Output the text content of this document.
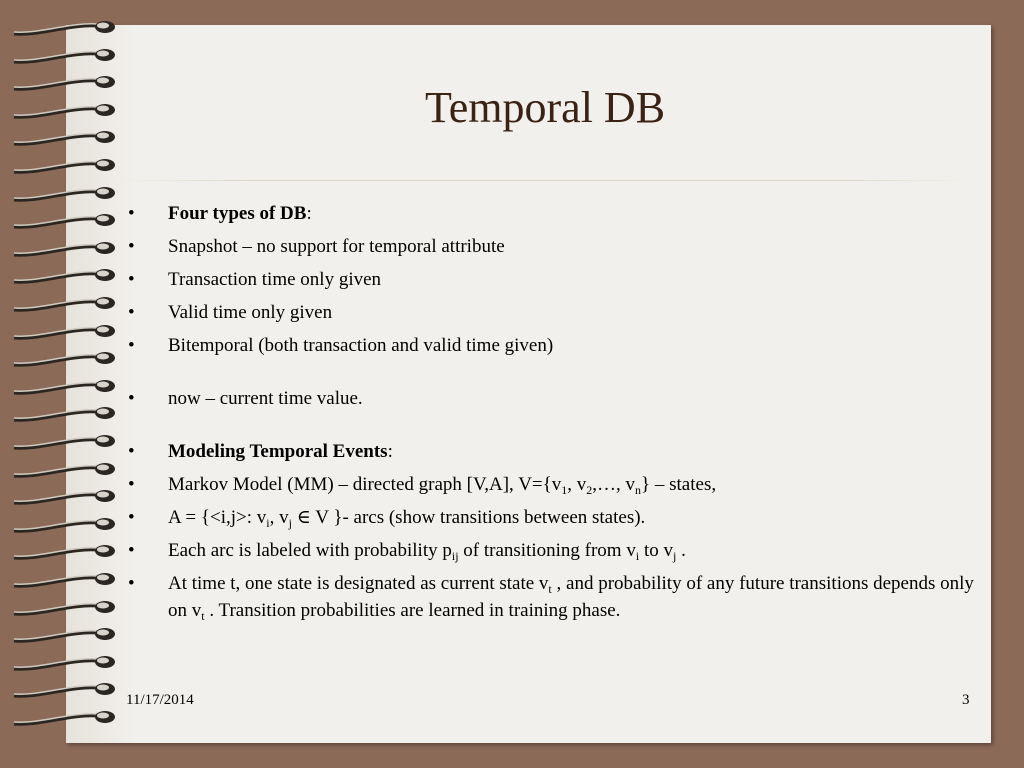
Temporal DB
• Four types of DB:
• Snapshot – no support for temporal attribute
• Transaction time only given
• Valid time only given
• Bitemporal (both transaction and valid time given)
• now – current time value.
• Modeling Temporal Events:
• Markov Model (MM) – directed graph [V,A], $V=\{v_1$, $v_2,\dots$, $v_n$} – states,
• A = {<i,j>: $v_i$, $v_j$ ∈ V }- arcs (show transitions between states).
• Each arc is labeled with probability $p_{ij}$ of transitioning from $v_i$ to $v_j$ .
• At time t, one state is designated as current state $v_t$ , and probability of any future transitions depends only on $v_t$ . Transition probabilities are learned in training phase.
11/17/2014	3
